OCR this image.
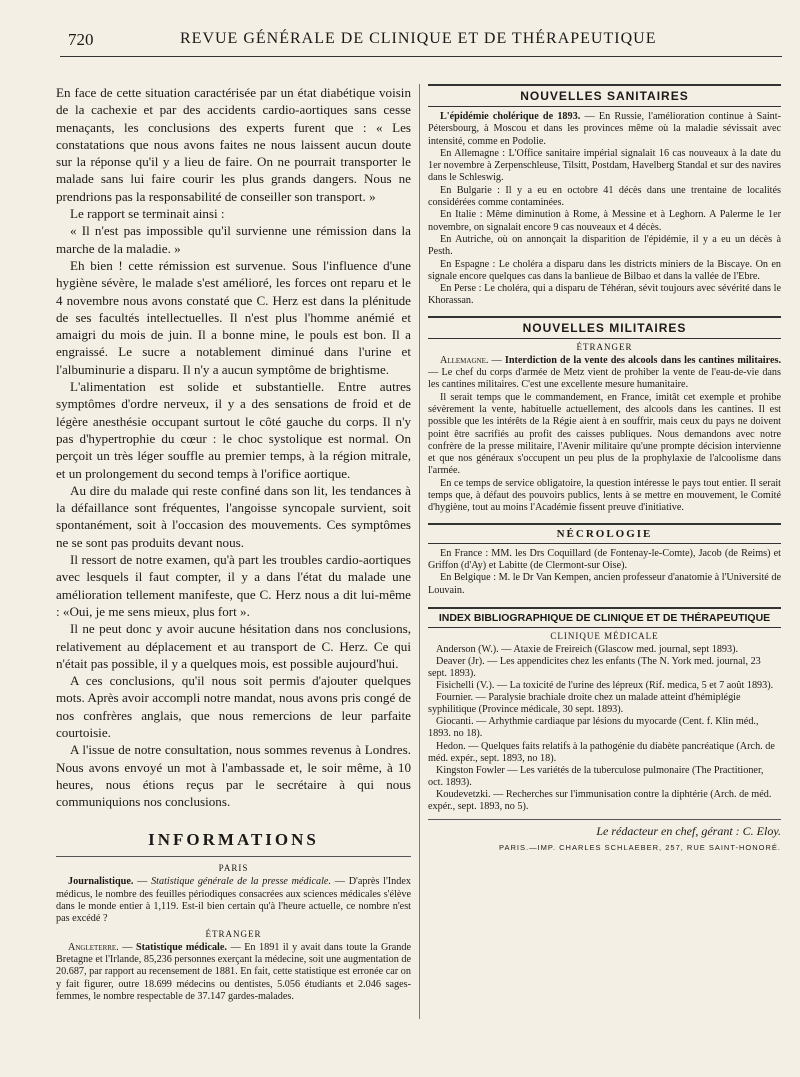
720	REVUE GÉNÉRALE DE CLINIQUE ET DE THÉRAPEUTIQUE

En face de cette situation caractérisée par un état diabétique voisin de la cachexie et par des accidents cardio-aortiques sans cesse menaçants, les conclusions des experts furent que : « Les constatations que nous avons faites ne nous laissent aucun doute sur la réponse qu'il y a lieu de faire. On ne pourrait transporter le malade sans lui faire courir les plus grands dangers. Nous ne prendrions pas la responsabilité de conseiller son transport. »

Le rapport se terminait ainsi :

« Il n'est pas impossible qu'il survienne une rémission dans la marche de la maladie. »

Eh bien ! cette rémission est survenue. Sous l'influence d'une hygiène sévère, le malade s'est amélioré, les forces ont reparu et le 4 novembre nous avons constaté que C. Herz est dans la plénitude de ses facultés intellectuelles. Il n'est plus l'homme anémié et amaigri du mois de juin. Il a bonne mine, le pouls est bon. Il a engraissé. Le sucre a notablement diminué dans l'urine et l'albuminurie a disparu. Il n'y a aucun symptôme de brightisme.

L'alimentation est solide et substantielle. Entre autres symptômes d'ordre nerveux, il y a des sensations de froid et de légère anesthésie occupant surtout le côté gauche du corps. Il n'y pas d'hypertrophie du cœur : le choc systolique est normal. On perçoit un très léger souffle au premier temps, à la région mitrale, et un prolongement du second temps à l'orifice aortique.

Au dire du malade qui reste confiné dans son lit, les tendances à la défaillance sont fréquentes, l'angoisse syncopale survient, soit spontanément, soit à l'occasion des mouvements. Ces symptômes ne se sont pas produits devant nous.

Il ressort de notre examen, qu'à part les troubles cardio-aortiques avec lesquels il faut compter, il y a dans l'état du malade une amélioration tellement manifeste, que C. Herz nous a dit lui-même : «Oui, je me sens mieux, plus fort ».

Il ne peut donc y avoir aucune hésitation dans nos conclusions, relativement au déplacement et au transport de C. Herz. Ce qui n'était pas possible, il y a quelques mois, est possible aujourd'hui.

A ces conclusions, qu'il nous soit permis d'ajouter quelques mots. Après avoir accompli notre mandat, nous avons pris congé de nos confrères anglais, que nous remercions de leur parfaite courtoisie.

A l'issue de notre consultation, nous sommes revenus à Londres. Nous avons envoyé un mot à l'ambassade et, le soir même, à 10 heures, nous étions reçus par le secrétaire à qui nous communiquions nos conclusions.

INFORMATIONS
PARIS

Journalistique. — Statistique générale de la presse médicale. — D'après l'Index médicus, le nombre des feuilles périodiques consacrées aux sciences médicales s'élève dans le monde entier à 1,119. Est-il bien certain qu'à l'heure actuelle, ce nombre n'est pas excédé ?

ÉTRANGER

Angleterre. — Statistique médicale. — En 1891 il y avait dans toute la Grande Bretagne et l'Irlande, 85,236 personnes exerçant la médecine, soit une augmentation de 20.687, par rapport au recensement de 1881. En fait, cette statistique est erronée car on y fait figurer, outre 18.699 médecins ou dentistes, 5.056 étudiants et 2.046 sages-femmes, le nombre respectable de 37.147 gardes-malades.

NOUVELLES SANITAIRES

L'épidémie cholérique de 1893. — En Russie, l'amélioration continue à Saint-Pétersbourg, à Moscou et dans les provinces même où la maladie sévissait avec intensité, comme en Podolie.

En Allemagne : L'Office sanitaire impérial signalait 16 cas nouveaux à la date du 1er novembre à Zerpenschleuse, Tilsitt, Postdam, Havelberg Standal et sur des navires dans le Schleswig.

En Bulgarie : Il y a eu en octobre 41 décès dans une trentaine de localités considérées comme contaminées.

En Italie : Même diminution à Rome, à Messine et à Leghorn. A Palerme le 1er novembre, on signalait encore 9 cas nouveaux et 4 décès.

En Autriche, où on annonçait la disparition de l'épidémie, il y a eu un décès à Pesth.

En Espagne : Le choléra a disparu dans les districts miniers de la Biscaye. On en signale encore quelques cas dans la banlieue de Bilbao et dans la vallée de l'Ebre.

En Perse : Le choléra, qui a disparu de Téhéran, sévit toujours avec sévérité dans le Khorassan.

NOUVELLES MILITAIRES
ÉTRANGER

Allemagne. — Interdiction de la vente des alcools dans les cantines militaires. — Le chef du corps d'armée de Metz vient de prohiber la vente de l'eau-de-vie dans les cantines militaires. C'est une excellente mesure humanitaire.

Il serait temps que le commandement, en France, imitât cet exemple et prohibe sévèrement la vente, habituelle actuellement, des alcools dans les cantines. Il est possible que les intérêts de la Régie aient à en souffrir, mais ceux du pays ne doivent point être sacrifiés au profit des caisses publiques. Nous demandons avec notre confrère de la presse militaire, l'Avenir militaire qu'une prompte décision intervienne et que nos généraux s'occupent un peu plus de la prophylaxie de l'alcoolisme dans l'armée.

En ce temps de service obligatoire, la question intéresse le pays tout entier. Il serait temps que, à défaut des pouvoirs publics, lents à se mettre en mouvement, le Comité d'hygiène, tout au moins l'Académie fissent preuve d'initiative.

NÉCROLOGIE

En France : MM. les Drs Coquillard (de Fontenay-le-Comte), Jacob (de Reims) et Griffon (d'Ay) et Labitte (de Clermont-sur Oise).

En Belgique : M. le Dr Van Kempen, ancien professeur d'anatomie à l'Université de Louvain.

INDEX BIBLIOGRAPHIQUE DE CLINIQUE ET DE THÉRAPEUTIQUE
CLINIQUE MÉDICALE

Anderson (W.). — Ataxie de Freireich (Glascow med. journal, sept 1893).

Deaver (Jr). — Les appendicites chez les enfants (The N. York med. journal, 23 sept. 1893).

Fisichelli (V.). — La toxicité de l'urine des lépreux (Rif. medica, 5 et 7 août 1893).

Fournier. — Paralysie brachiale droite chez un malade atteint d'hémiplégie syphilitique (Province médicale, 30 sept. 1893).

Giocanti. — Arhythmie cardiaque par lésions du myocarde (Cent. f. Klin méd., 1893. no 18).

Hedon. — Quelques faits relatifs à la pathogénie du diabète pancréatique (Arch. de méd. expér., sept. 1893, no 18).

Kingston Fowler — Les variétés de la tuberculose pulmonaire (The Practitioner, oct. 1893).

Koudevetzki. — Recherches sur l'immunisation contre la diphtérie (Arch. de méd. expér., sept. 1893, no 5).

Le rédacteur en chef, gérant : C. Eloy.
PARIS.—IMP. CHARLES SCHLAEBER, 257, RUE SAINT-HONORÉ.
